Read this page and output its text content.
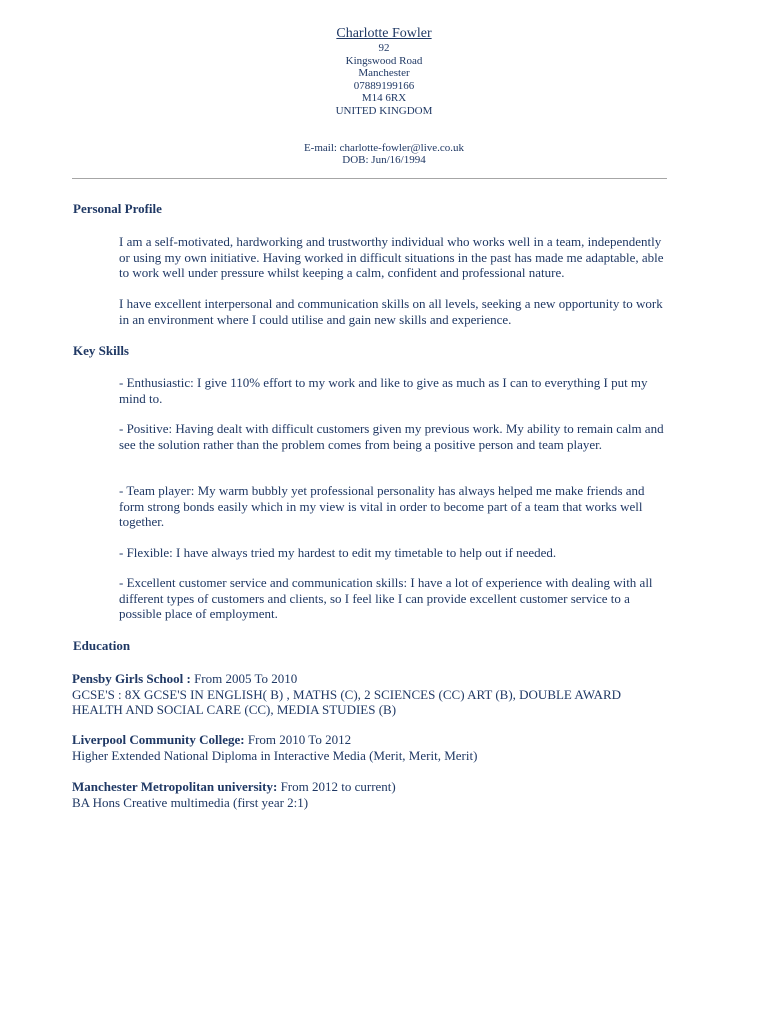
Charlotte Fowler
92
Kingswood Road
Manchester
07889199166
M14 6RX
UNITED KINGDOM
E-mail: charlotte-fowler@live.co.uk
DOB: Jun/16/1994
Personal Profile
I am a self-motivated, hardworking and trustworthy individual who works well in a team, independently or using my own initiative. Having worked in difficult situations in the past has made me adaptable, able to work well under pressure whilst keeping a calm, confident and professional nature.
I have excellent interpersonal and communication skills on all levels, seeking a new opportunity to work in an environment where I could utilise and gain new skills and experience.
Key Skills
- Enthusiastic: I give 110% effort to my work and like to give as much as I can to everything I put my mind to.
- Positive: Having dealt with difficult customers given my previous work. My ability to remain calm and see the solution rather than the problem comes from being a positive person and team player.
- Team player: My warm bubbly yet professional personality has always helped me make friends and form strong bonds easily which in my view is vital in order to become part of a team that works well together.
- Flexible: I have always tried my hardest to edit my timetable to help out if needed.
- Excellent customer service and communication skills: I have a lot of experience with dealing with all different types of customers and clients, so I feel like I can provide excellent customer service to a possible place of employment.
Education
Pensby Girls School : From 2005 To 2010
GCSE'S : 8X GCSE'S IN ENGLISH( B) , MATHS (C), 2 SCIENCES (CC) ART (B), DOUBLE AWARD HEALTH AND SOCIAL CARE (CC), MEDIA STUDIES (B)
Liverpool Community College: From 2010 To 2012
Higher Extended National Diploma in Interactive Media (Merit, Merit, Merit)
Manchester Metropolitan university: From 2012 to current)
BA Hons Creative multimedia (first year 2:1)
